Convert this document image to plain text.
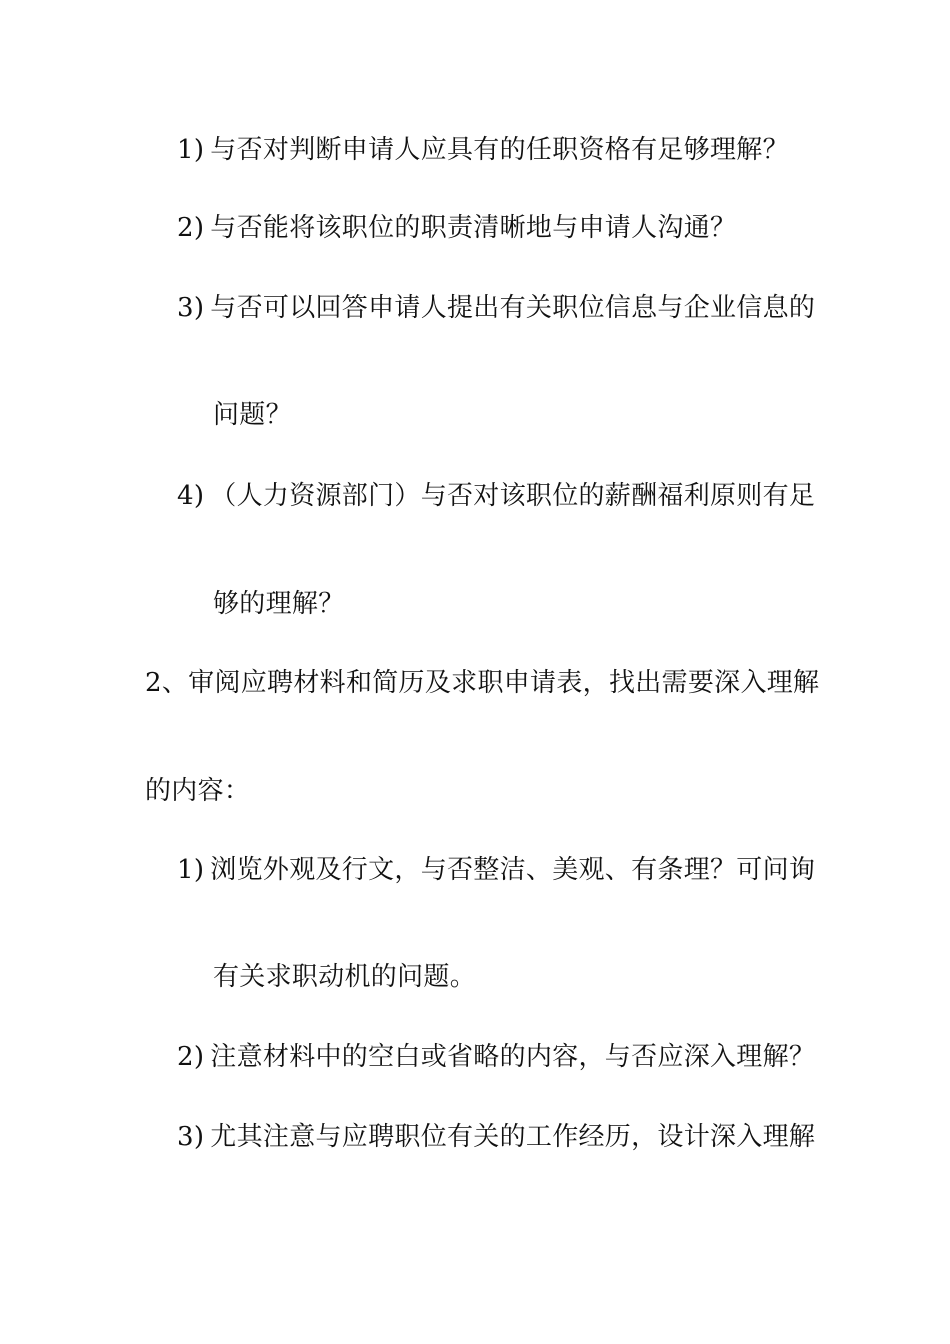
1) 与否对判断申请人应具有的任职资格有足够理解？
2) 与否能将该职位的职责清晰地与申请人沟通？
3) 与否可以回答申请人提出有关职位信息与企业信息的
问题？
4) （人力资源部门）与否对该职位的薪酬福利原则有足
够的理解？
2、审阅应聘材料和简历及求职申请表，找出需要深入理解
的内容：
1) 浏览外观及行文，与否整洁、美观、有条理？可问询
有关求职动机的问题。
2) 注意材料中的空白或省略的内容，与否应深入理解？
3) 尤其注意与应聘职位有关的工作经历，设计深入理解
